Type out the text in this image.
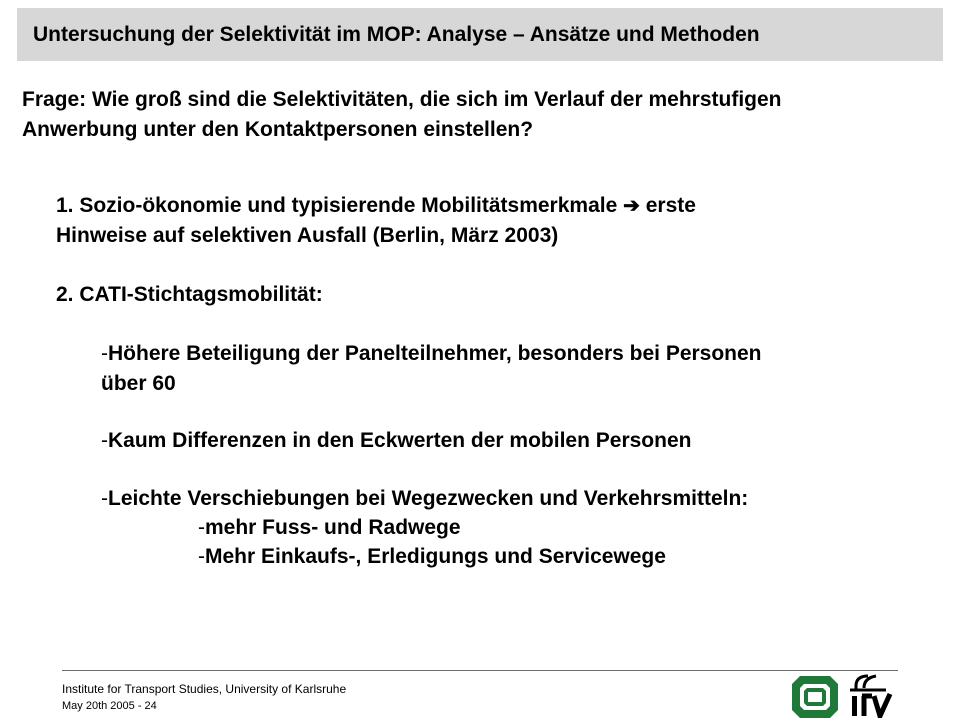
Untersuchung der Selektivität im MOP: Analyse – Ansätze und Methoden
Frage: Wie groß sind die Selektivitäten, die sich im Verlauf der mehrstufigen
Anwerbung unter den Kontaktpersonen einstellen?
1. Sozio-ökonomie und typisierende Mobilitätsmerkmale ➔ erste
Hinweise auf selektiven Ausfall (Berlin, März 2003)
2. CATI-Stichtagsmobilität:
-Höhere Beteiligung der Panelteilnehmer, besonders bei Personen
über 60
-Kaum Differenzen in den Eckwerten der mobilen Personen
-Leichte Verschiebungen bei Wegezwecken und Verkehrsmitteln:
-mehr Fuss- und Radwege
-Mehr Einkaufs-, Erledigungs und Servicewege
Institute for Transport Studies, University of Karlsruhe
May 20th 2005 - 24
